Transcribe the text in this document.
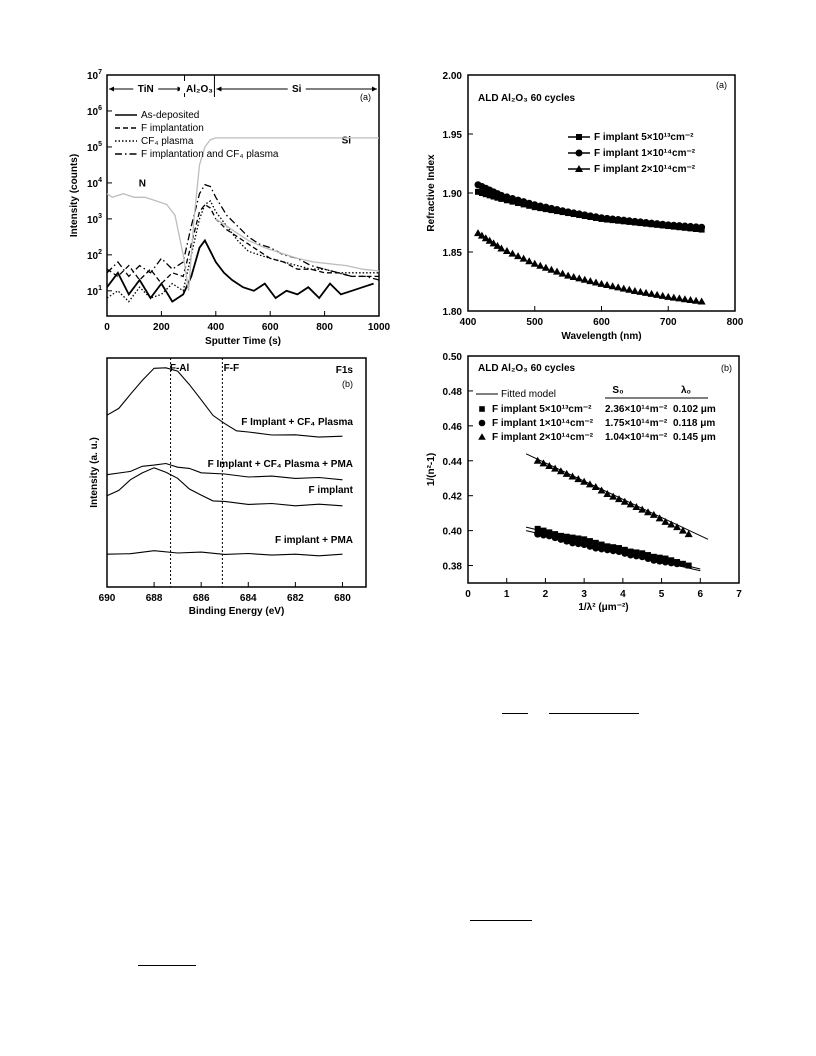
0	200	400	600	800	1000
$10^1$
$10^2$
$10^3$
$10^4$
$10^5$
$10^6$
$10^7$
Sputter Time (s)
Intensity (counts)
TiN	Al₂O₃	Si
(a)
N
Si
As-deposited
F implantation
CF₄ plasma
F implantation and CF₄ plasma
400	500	600	700	800
1.80
1.85
1.90
1.95
2.00
Wavelength (nm)
Refractive Index
ALD Al₂O₃ 60 cycles
(a)
F implant 5×10¹³cm⁻²
F implant 1×10¹⁴cm⁻²
F implant 2×10¹⁴cm⁻²
690	688	686	684	682	680
Binding Energy (eV)
Intensity (a. u.)
F1s
(b)
F-Al	F-F
F Implant + CF₄ Plasma
F Implant + CF₄ Plasma + PMA
F implant
F implant + PMA
0	1	2	3	4	5	6	7
0.38
0.40
0.42
0.44
0.46
0.48
0.50
1/λ² (μm⁻²)
1/(n²-1)
ALD Al₂O₃ 60 cycles	(b)
Fitted model	S₀	λ₀
F implant 5×10¹³cm⁻² 2.36×10¹⁴m⁻² 0.102 μm
F implant 1×10¹⁴cm⁻² 1.75×10¹⁴m⁻² 0.118 μm
F implant 2×10¹⁴cm⁻² 1.04×10¹⁴m⁻² 0.145 μm
